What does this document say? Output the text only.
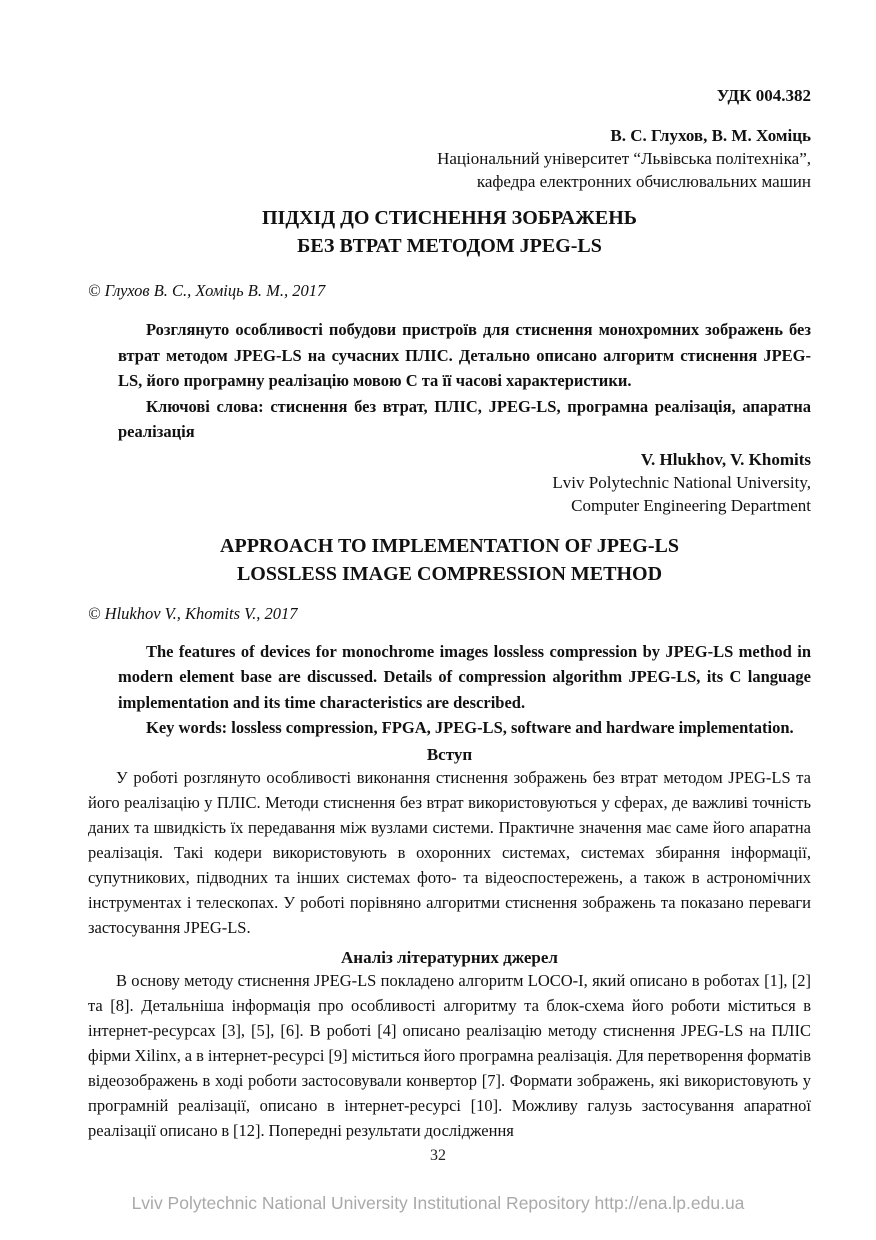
УДК 004.382
В. С. Глухов, В. М. Хоміць
Національний університет “Львівська політехніка”,
кафедра електронних обчислювальних машин
ПІДХІД ДО СТИСНЕННЯ ЗОБРАЖЕНЬ
БЕЗ ВТРАТ МЕТОДОМ JPEG-LS
© Глухов В. С., Хоміць В. М., 2017

Розглянуто особливості побудови пристроїв для стиснення монохромних зображень без втрат методом JPEG-LS на сучасних ПЛІС. Детально описано алгоритм стиснення JPEG-LS, його програмну реалізацію мовою С та її часові характеристики.

Ключові слова: стиснення без втрат, ПЛІС, JPEG-LS, програмна реалізація, апаратна реалізація

V. Hlukhov, V. Khomits
Lviv Polytechnic National University,
Computer Engineering Department
APPROACH TO IMPLEMENTATION OF JPEG-LS
LOSSLESS IMAGE COMPRESSION METHOD
© Hlukhov V., Khomits V., 2017

The features of devices for monochrome images lossless compression by JPEG-LS method in modern element base are discussed. Details of compression algorithm JPEG-LS, its C language implementation and its time characteristics are described.

Key words: lossless compression, FPGA, JPEG-LS, software and hardware implementation.

Вступ

У роботі розглянуто особливості виконання стиснення зображень без втрат методом JPEG-LS та його реалізацію у ПЛІС. Методи стиснення без втрат використовуються у сферах, де важливі точність даних та швидкість їх передавання між вузлами системи. Практичне значення має саме його апаратна реалізація. Такі кодери використовують в охоронних системах, системах збирання інформації, супутникових, підводних та інших системах фото- та відеоспостережень, а також в астрономічних інструментах і телескопах. У роботі порівняно алгоритми стиснення зображень та показано переваги застосування JPEG-LS.

Аналіз літературних джерел

В основу методу стиснення JPEG-LS покладено алгоритм LOCO-I, який описано в роботах [1], [2] та [8]. Детальніша інформація про особливості алгоритму та блок-схема його роботи міститься в інтернет-ресурсах [3], [5], [6]. В роботі [4] описано реалізацію методу стиснення JPEG-LS на ПЛІС фірми Xilinx, а в інтернет-ресурсі [9] міститься його програмна реалізація. Для перетворення форматів відеозображень в ході роботи застосовували конвертор [7]. Формати зображень, які використовують у програмній реалізації, описано в інтернет-ресурсі [10]. Можливу галузь застосування апаратної реалізації описано в [12]. Попередні результати дослідження

32
Lviv Polytechnic National University Institutional Repository http://ena.lp.edu.ua
